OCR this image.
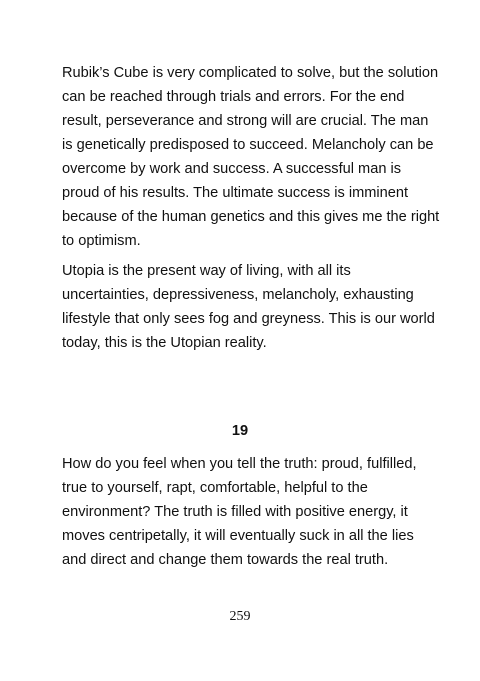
Rubik’s Cube is very complicated to solve, but the solution
can be reached through trials and errors. For the end
result, perseverance and strong will are crucial. The man
is genetically predisposed to succeed. Melancholy can be
overcome by work and success. A successful man is
proud of his results. The ultimate success is imminent
because of the human genetics and this gives me the right
to optimism.

Utopia is the present way of living, with all its
uncertainties, depressiveness, melancholy, exhausting
lifestyle that only sees fog and greyness. This is our world
today, this is the Utopian reality.

19

How do you feel when you tell the truth: proud, fulfilled,
true to yourself, rapt, comfortable, helpful to the
environment? The truth is filled with positive energy, it
moves centripetally, it will eventually suck in all the lies
and direct and change them towards the real truth.

259
